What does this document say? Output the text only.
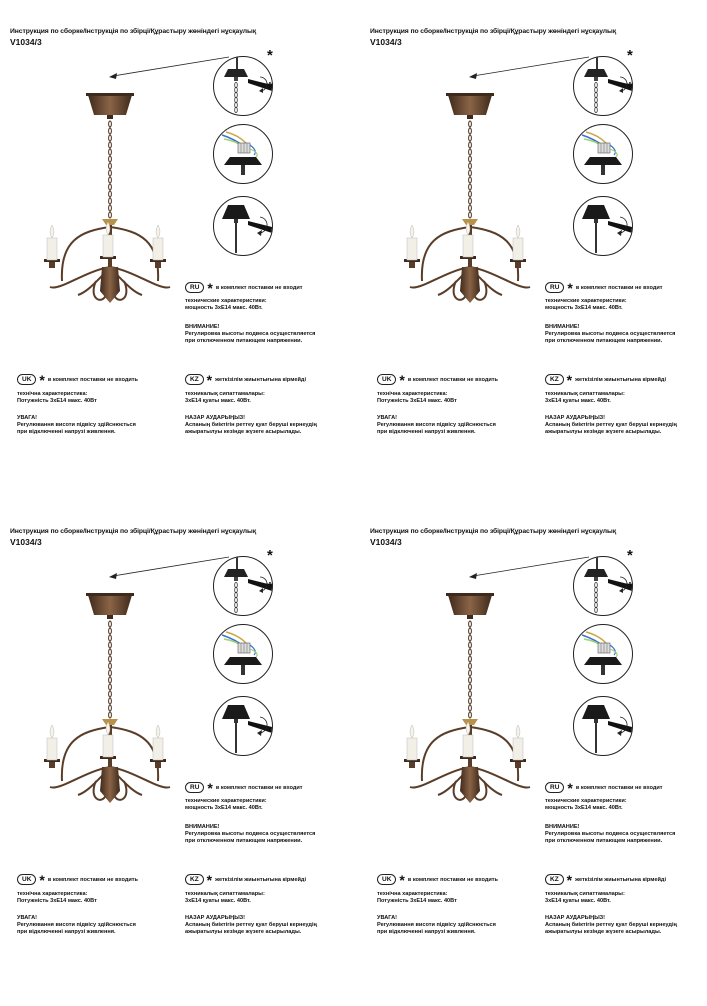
Инструкция по сборке/Інструкція по збірці/Құрастыру жөніндегі нұсқаулық
V1034/3
*
*
RU * в комплект поставки не входит
технические характеристики:
мощность 3хE14 макс. 40Вт.
ВНИМАНИЕ!
Регулировка высоты подвеса осуществляется
при отключенном питающем напряжении.
UK * в комплект поставки не входить
технічна характеристика:
Потужність 3хE14 макс. 40Вт
УВАГА!
Регулювання висоти підвісу здійснюється
при відключенні напрузі живлення.
KZ * жеткізілім жиынтығына кірмейді
техникалық сипаттамалары:
3хE14 қуаты макс. 40Вт.
НАЗАР АУДАРЫҢЫЗ!
Аспаның биіктігін реттеу қуат беруші кернеудің
ажыратылуы кезінде жүзеге асырылады.
Инструкция по сборке/Інструкція по збірці/Құрастыру жөніндегі нұсқаулық
V1034/3
*
*
RU * в комплект поставки не входит
технические характеристики:
мощность 3хE14 макс. 40Вт.
ВНИМАНИЕ!
Регулировка высоты подвеса осуществляется
при отключенном питающем напряжении.
UK * в комплект поставки не входить
технічна характеристика:
Потужність 3хE14 макс. 40Вт
УВАГА!
Регулювання висоти підвісу здійснюється
при відключенні напрузі живлення.
KZ * жеткізілім жиынтығына кірмейді
техникалық сипаттамалары:
3хE14 қуаты макс. 40Вт.
НАЗАР АУДАРЫҢЫЗ!
Аспаның биіктігін реттеу қуат беруші кернеудің
ажыратылуы кезінде жүзеге асырылады.
Инструкция по сборке/Інструкція по збірці/Құрастыру жөніндегі нұсқаулық
V1034/3
*
*
RU * в комплект поставки не входит
технические характеристики:
мощность 3хE14 макс. 40Вт.
ВНИМАНИЕ!
Регулировка высоты подвеса осуществляется
при отключенном питающем напряжении.
UK * в комплект поставки не входить
технічна характеристика:
Потужність 3хE14 макс. 40Вт
УВАГА!
Регулювання висоти підвісу здійснюється
при відключенні напрузі живлення.
KZ * жеткізілім жиынтығына кірмейді
техникалық сипаттамалары:
3хE14 қуаты макс. 40Вт.
НАЗАР АУДАРЫҢЫЗ!
Аспаның биіктігін реттеу қуат беруші кернеудің
ажыратылуы кезінде жүзеге асырылады.
Инструкция по сборке/Інструкція по збірці/Құрастыру жөніндегі нұсқаулық
V1034/3
*
*
RU * в комплект поставки не входит
технические характеристики:
мощность 3хE14 макс. 40Вт.
ВНИМАНИЕ!
Регулировка высоты подвеса осуществляется
при отключенном питающем напряжении.
UK * в комплект поставки не входить
технічна характеристика:
Потужність 3хE14 макс. 40Вт
УВАГА!
Регулювання висоти підвісу здійснюється
при відключенні напрузі живлення.
KZ * жеткізілім жиынтығына кірмейді
техникалық сипаттамалары:
3хE14 қуаты макс. 40Вт.
НАЗАР АУДАРЫҢЫЗ!
Аспаның биіктігін реттеу қуат беруші кернеудің
ажыратылуы кезінде жүзеге асырылады.
